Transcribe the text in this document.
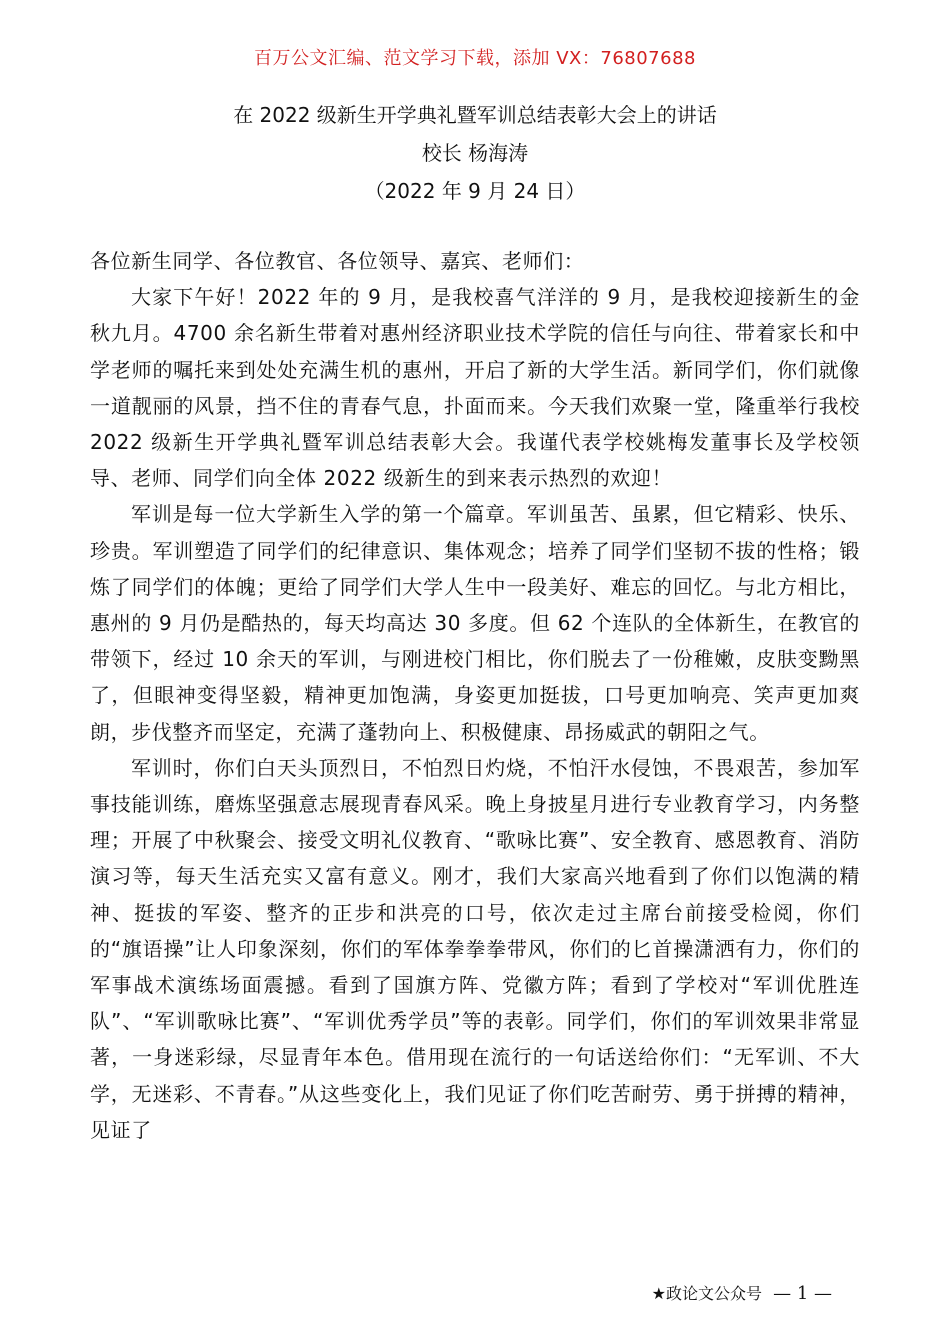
百万公文汇编、范文学习下载，添加 VX：76807688
在 2022 级新生开学典礼暨军训总结表彰大会上的讲话
校长 杨海涛
（2022 年 9 月 24 日）

各位新生同学、各位教官、各位领导、嘉宾、老师们：

大家下午好！2022 年的 9 月，是我校喜气洋洋的 9 月，是我校迎接新生的金秋九月。4700 余名新生带着对惠州经济职业技术学院的信任与向往、带着家长和中学老师的嘱托来到处处充满生机的惠州，开启了新的大学生活。新同学们，你们就像一道靓丽的风景，挡不住的青春气息，扑面而来。今天我们欢聚一堂，隆重举行我校 2022 级新生开学典礼暨军训总结表彰大会。我谨代表学校姚梅发董事长及学校领导、老师、同学们向全体 2022 级新生的到来表示热烈的欢迎！

军训是每一位大学新生入学的第一个篇章。军训虽苦、虽累，但它精彩、快乐、珍贵。军训塑造了同学们的纪律意识、集体观念；培养了同学们坚韧不拔的性格；锻炼了同学们的体魄；更给了同学们大学人生中一段美好、难忘的回忆。与北方相比，惠州的 9 月仍是酷热的，每天均高达 30 多度。但 62 个连队的全体新生，在教官的带领下，经过 10 余天的军训，与刚进校门相比，你们脱去了一份稚嫩，皮肤变黝黑了，但眼神变得坚毅，精神更加饱满，身姿更加挺拔，口号更加响亮、笑声更加爽朗，步伐整齐而坚定，充满了蓬勃向上、积极健康、昂扬威武的朝阳之气。

军训时，你们白天头顶烈日，不怕烈日灼烧，不怕汗水侵蚀，不畏艰苦，参加军事技能训练，磨炼坚强意志展现青春风采。晚上身披星月进行专业教育学习，内务整理；开展了中秋聚会、接受文明礼仪教育、“歌咏比赛”、安全教育、感恩教育、消防演习等，每天生活充实又富有意义。刚才，我们大家高兴地看到了你们以饱满的精神、挺拔的军姿、整齐的正步和洪亮的口号，依次走过主席台前接受检阅，你们的“旗语操”让人印象深刻，你们的军体拳拳拳带风，你们的匕首操潇洒有力，你们的军事战术演练场面震撼。看到了国旗方阵、党徽方阵；看到了学校对“军训优胜连队”、“军训歌咏比赛”、“军训优秀学员”等的表彰。同学们，你们的军训效果非常显著，一身迷彩绿，尽显青年本色。借用现在流行的一句话送给你们：“无军训、不大学，无迷彩、不青春。”从这些变化上，我们见证了你们吃苦耐劳、勇于拼搏的精神，见证了

★政论文公众号 — 1 —
